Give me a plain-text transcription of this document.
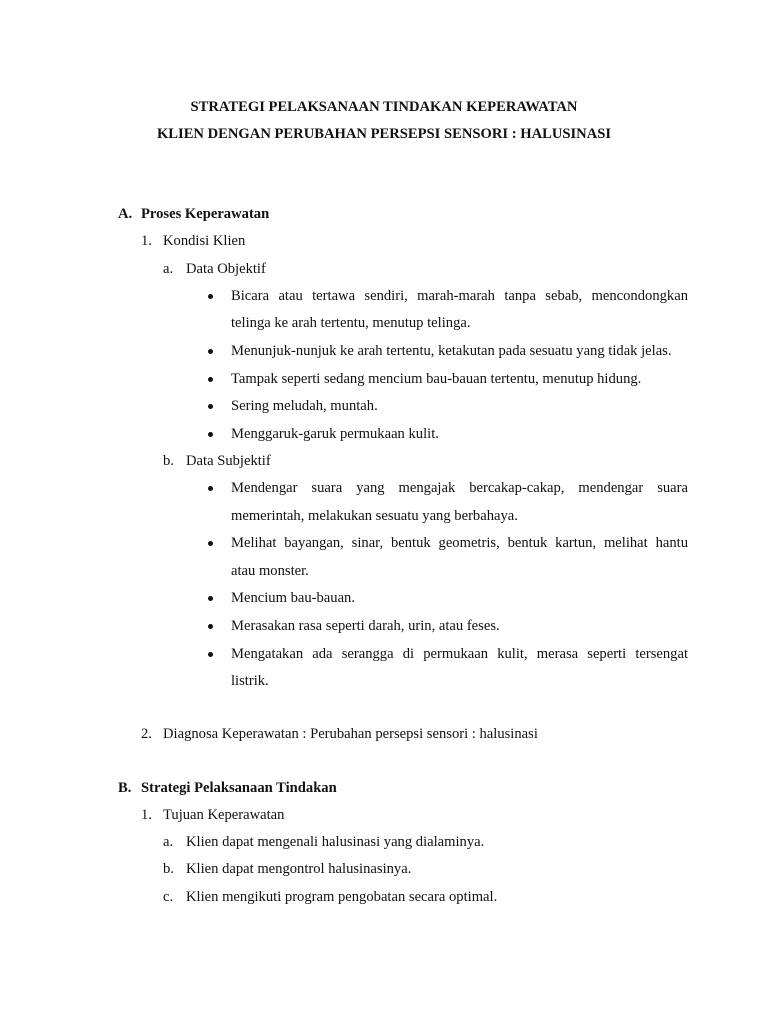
STRATEGI PELAKSANAAN TINDAKAN KEPERAWATAN
KLIEN DENGAN PERUBAHAN PERSEPSI SENSORI : HALUSINASI
A. Proses Keperawatan
1. Kondisi Klien
a. Data Objektif
Bicara atau tertawa sendiri, marah-marah tanpa sebab, mencondongkan
telinga ke arah tertentu, menutup telinga.
Menunjuk-nunjuk ke arah tertentu, ketakutan pada sesuatu yang tidak jelas.
Tampak seperti sedang mencium bau-bauan tertentu, menutup hidung.
Sering meludah, muntah.
Menggaruk-garuk permukaan kulit.
b. Data Subjektif
Mendengar suara yang mengajak bercakap-cakap, mendengar suara
memerintah, melakukan sesuatu yang berbahaya.
Melihat bayangan, sinar, bentuk geometris, bentuk kartun, melihat hantu
atau monster.
Mencium bau-bauan.
Merasakan rasa seperti darah, urin, atau feses.
Mengatakan ada serangga di permukaan kulit, merasa seperti tersengat
listrik.
2. Diagnosa Keperawatan : Perubahan persepsi sensori : halusinasi
B. Strategi Pelaksanaan Tindakan
1. Tujuan Keperawatan
a. Klien dapat mengenali halusinasi yang dialaminya.
b. Klien dapat mengontrol halusinasinya.
c. Klien mengikuti program pengobatan secara optimal.
